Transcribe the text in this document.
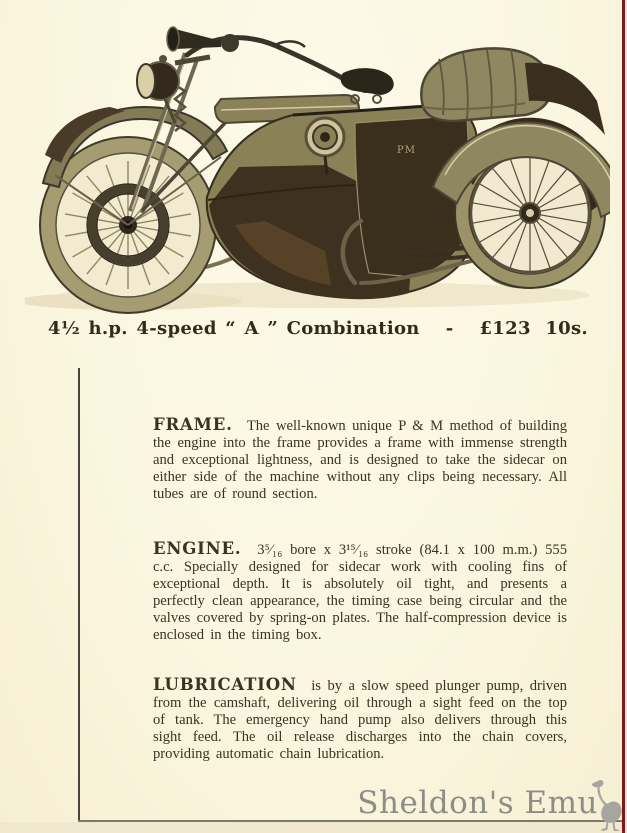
PM
4½ h.p. 4-speed “ A ” Combination - £123 10s.
FRAME. The well-known unique P & M method of building the engine into the frame provides a frame with immense strength and exceptional lightness, and is designed to take the sidecar on either side of the machine without any clips being necessary. All tubes are of round section.
ENGINE. 3⁵⁄₁₆ bore x 3¹⁵⁄₁₆ stroke (84.1 x 100 m.m.) 555 c.c. Specially designed for sidecar work with cooling fins of exceptional depth. It is absolutely oil tight, and presents a perfectly clean appearance, the timing case being circular and the valves covered by spring-on plates. The half-compression device is enclosed in the timing box.
LUBRICATION is by a slow speed plunger pump, driven from the camshaft, delivering oil through a sight feed on the top of tank. The emergency hand pump also delivers through this sight feed. The oil release discharges into the chain covers, providing automatic chain lubrication.
Sheldon's Emu
